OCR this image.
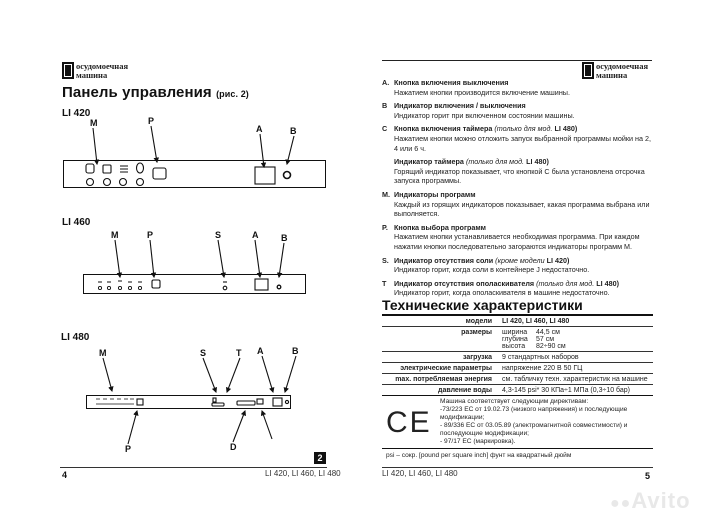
осудомоечная
машина
Панель управления (рис. 2)
LI 420
M	P
A	B
LI 460
M	P	S	A	B
LI 480
M	S	T A	B
P	D
2
4	LI 420, LI 460, LI 480
осудомоечная
машина
A. Кнопка включения выключения
Нажатием кнопки производится включение машины.
B Индикатор включения / выключения
Индикатор горит при включенном состоянии машины.
C Кнопка включения таймера (только для мод. LI 480)
Нажатием кнопки можно отложить запуск выбранной программы мойки на 2, 4 или 6 ч.
Индикатор таймера (только для мод. LI 480)
Горящий индикатор показывает, что кнопкой C была установлена отсрочка запуска программы.
M. Индикаторы программ
Каждый из горящих индикаторов показывает, какая программа выбрана или выполняется.
P. Кнопка выбора программ
Нажатием кнопки устанавливается необходимая программа. При каждом нажатии кнопки последовательно загораются индикаторы программ M.
S. Индикатор отсутствия соли (кроме модели LI 420)
Индикатор горит, когда соли в контейнере J недостаточно.
T	Индикатор отсутствия ополаскивателя (только для мод. LI 480)
Индикатор горит, когда ополаскивателя в машине недостаточно.
Технические характеристики
модели	LI 420, LI 460, LI 480
размеры	ширина	44,5 см
глубина	57 см
высота	82÷90 см
загрузка	9 стандартных наборов
электрические параметры	напряжение 220 В 50 ГЦ
max. потребляемая энергия	см. табличку техн. характеристик на машине
давление воды	4,3-145 psi* 30 КПа÷1 МПа (0,3÷10 бар)
CE
Машина соответствует следующим директивам:
-73/223 ЕС от 19.02.73 (низкого напряжения) и последующие модификации;
- 89/336 ЕС от 03.05.89 (электромагнитной совместимости) и последующие модификации;
- 97/17 ЕС (маркировка).
psi – сокр. [pound per square inch] фунт на квадратный дюйм
LI 420, LI 460, LI 480	5
●●Avito
